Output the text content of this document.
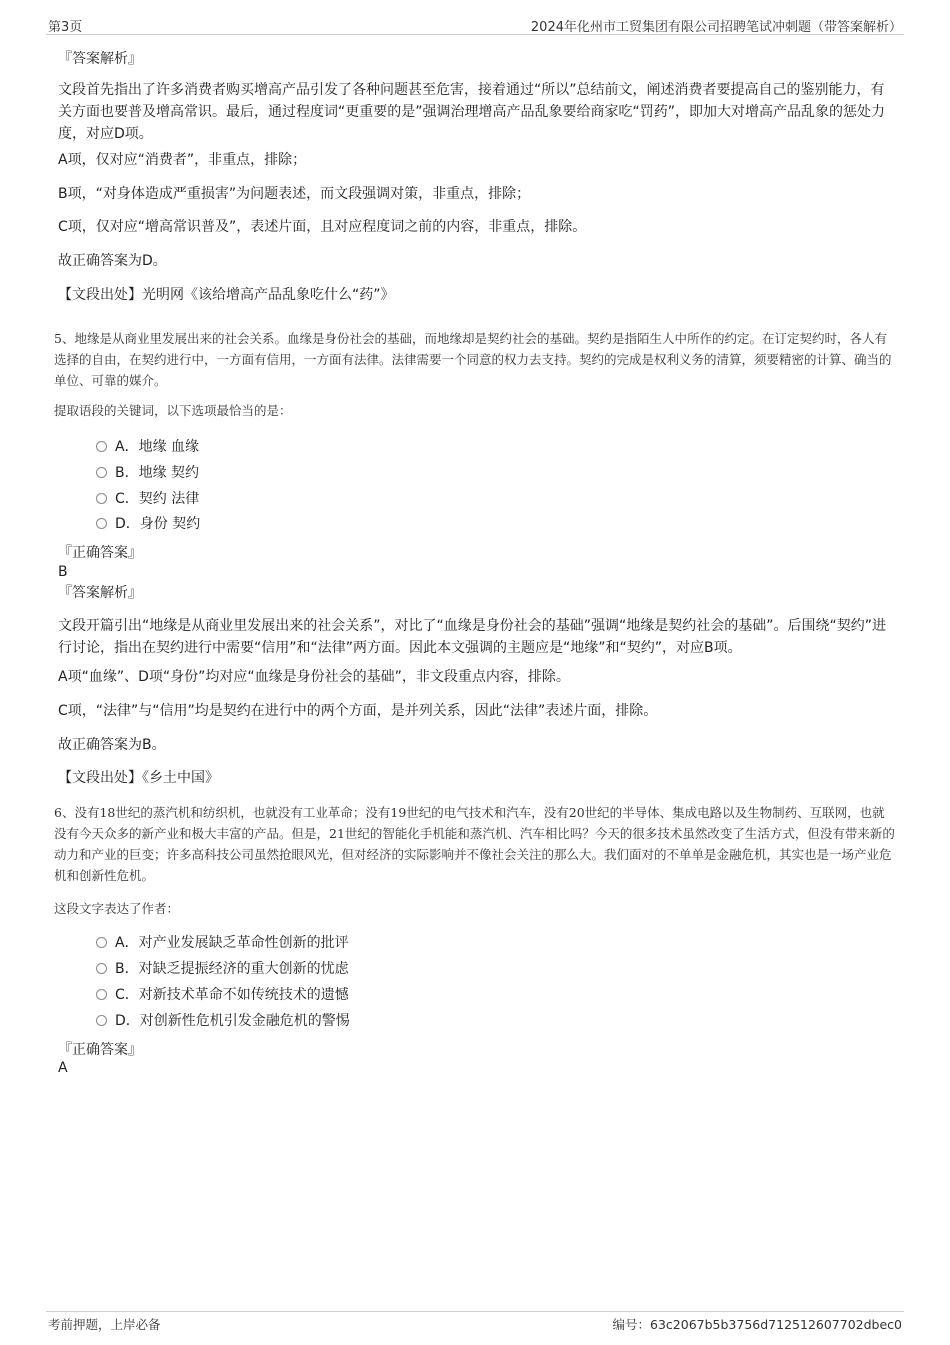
第3页	2024年化州市工贸集团有限公司招聘笔试冲刺题（带答案解析）
『答案解析』
文段首先指出了许多消费者购买增高产品引发了各种问题甚至危害，接着通过“所以”总结前文，阐述消费者要提高自己的鉴别能力，有关方面也要普及增高常识。最后，通过程度词“更重要的是”强调治理增高产品乱象要给商家吃“罚药”，即加大对增高产品乱象的惩处力度，对应D项。
A项，仅对应“消费者”，非重点，排除；
B项，“对身体造成严重损害”为问题表述，而文段强调对策，非重点，排除；
C项，仅对应“增高常识普及”，表述片面，且对应程度词之前的内容，非重点，排除。
故正确答案为D。
【文段出处】光明网《该给增高产品乱象吃什么“药”》
5、地缘是从商业里发展出来的社会关系。血缘是身份社会的基础，而地缘却是契约社会的基础。契约是指陌生人中所作的约定。在订定契约时，各人有选择的自由，在契约进行中，一方面有信用，一方面有法律。法律需要一个同意的权力去支持。契约的完成是权利义务的清算，须要精密的计算、确当的单位、可靠的媒介。
提取语段的关键词，以下选项最恰当的是：
A．地缘 血缘
B．地缘 契约
C．契约 法律
D．身份 契约
『正确答案』
B
『答案解析』
文段开篇引出“地缘是从商业里发展出来的社会关系”，对比了“血缘是身份社会的基础”强调“地缘是契约社会的基础”。后围绕“契约”进行讨论，指出在契约进行中需要“信用”和“法律”两方面。因此本文强调的主题应是“地缘”和“契约”，对应B项。
A项“血缘”、D项“身份”均对应“血缘是身份社会的基础”，非文段重点内容，排除。
C项，“法律”与“信用”均是契约在进行中的两个方面，是并列关系，因此“法律”表述片面，排除。
故正确答案为B。
【文段出处】《乡土中国》
6、没有18世纪的蒸汽机和纺织机，也就没有工业革命；没有19世纪的电气技术和汽车，没有20世纪的半导体、集成电路以及生物制药、互联网，也就没有今天众多的新产业和极大丰富的产品。但是，21世纪的智能化手机能和蒸汽机、汽车相比吗？今天的很多技术虽然改变了生活方式，但没有带来新的动力和产业的巨变；许多高科技公司虽然抢眼风光，但对经济的实际影响并不像社会关注的那么大。我们面对的不单单是金融危机，其实也是一场产业危机和创新性危机。
这段文字表达了作者：
A．对产业发展缺乏革命性创新的批评
B．对缺乏提振经济的重大创新的忧虑
C．对新技术革命不如传统技术的遗憾
D．对创新性危机引发金融危机的警惕
『正确答案』
A
考前押题，上岸必备	编号：63c2067b5b3756d712512607702dbec0
